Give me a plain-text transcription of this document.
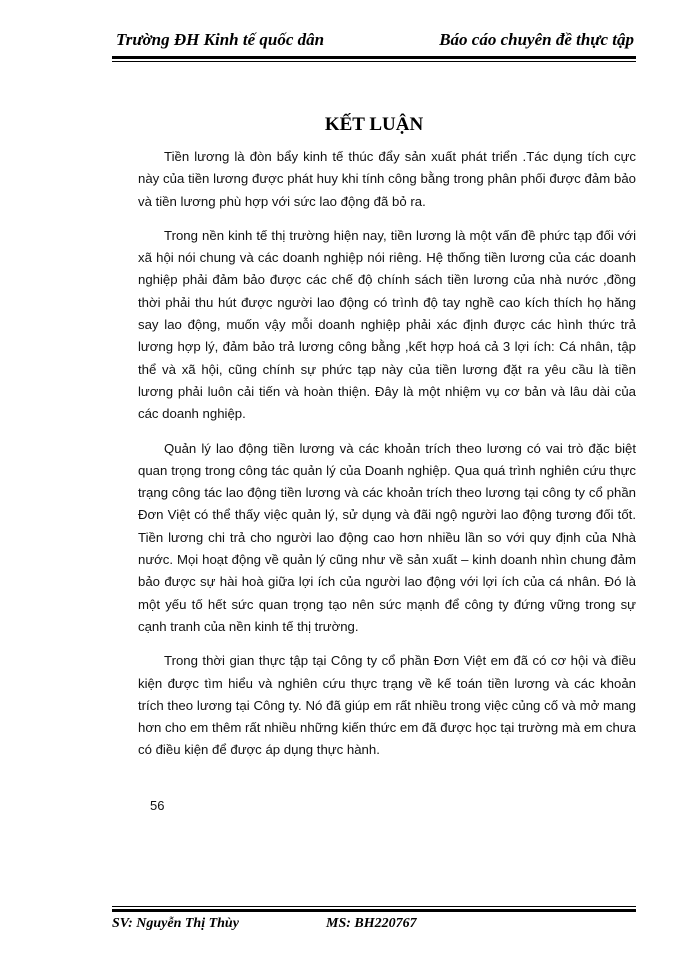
Trường ĐH Kinh tế quốc dân	Báo cáo chuyên đề thực tập
KẾT LUẬN

Tiền lương là đòn bẩy kinh tế thúc đẩy sản xuất phát triển .Tác dụng tích cực này của tiền lương được phát huy khi tính công bằng trong phân phối được đảm bảo và tiền lương phù hợp với sức lao động đã bỏ ra.

Trong nền kinh tế thị trường hiện nay, tiền lương là một vấn đề phức tạp đối với xã hội nói chung và các doanh nghiệp nói riêng. Hệ thống tiền lương của các doanh nghiệp phải đảm bảo được các chế độ chính sách tiền lương của nhà nước ,đồng thời phải thu hút được người lao động có trình độ tay nghề cao kích thích họ hăng say lao động, muốn vậy mỗi doanh nghiệp phải xác định được các hình thức trả lương hợp lý, đảm bảo trả lương công bằng ,kết hợp hoá cả 3 lợi ích: Cá nhân, tập thể và xã hội, cũng chính sự phức tạp này của tiền lương đặt ra yêu cầu là tiền lương phải luôn cải tiến và hoàn thiện. Đây là một nhiệm vụ cơ bản và lâu dài của các doanh nghiệp.

Quản lý lao động tiền lương và các khoản trích theo lương có vai trò đặc biệt quan trọng trong công tác quản lý của Doanh nghiệp. Qua quá trình nghiên cứu thực trạng công tác lao động tiền lương và các khoản trích theo lương tại công ty cổ phần Đơn Việt có thể thấy việc quản lý, sử dụng và đãi ngộ người lao động tương đối tốt. Tiền lương chi trả cho người lao động cao hơn nhiều lần so với quy định của Nhà nước. Mọi hoạt động về quản lý cũng như về sản xuất – kinh doanh nhìn chung đảm bảo được sự hài hoà giữa lợi ích của người lao động với lợi ích của cá nhân. Đó là một yếu tố hết sức quan trọng tạo nên sức mạnh để công ty đứng vững trong sự cạnh tranh của nền kinh tế thị trường.

Trong thời gian thực tập tại Công ty cổ phần Đơn Việt em đã có cơ hội và điều kiện được tìm hiểu và nghiên cứu thực trạng về kế toán tiền lương và các khoản trích theo lương tại Công ty. Nó đã giúp em rất nhiều trong việc củng cố và mở mang hơn cho em thêm rất nhiều những kiến thức em đã được học tại trường mà em chưa có điều kiện để được áp dụng thực hành.

56
SV: Nguyễn Thị Thùy	MS: BH220767
